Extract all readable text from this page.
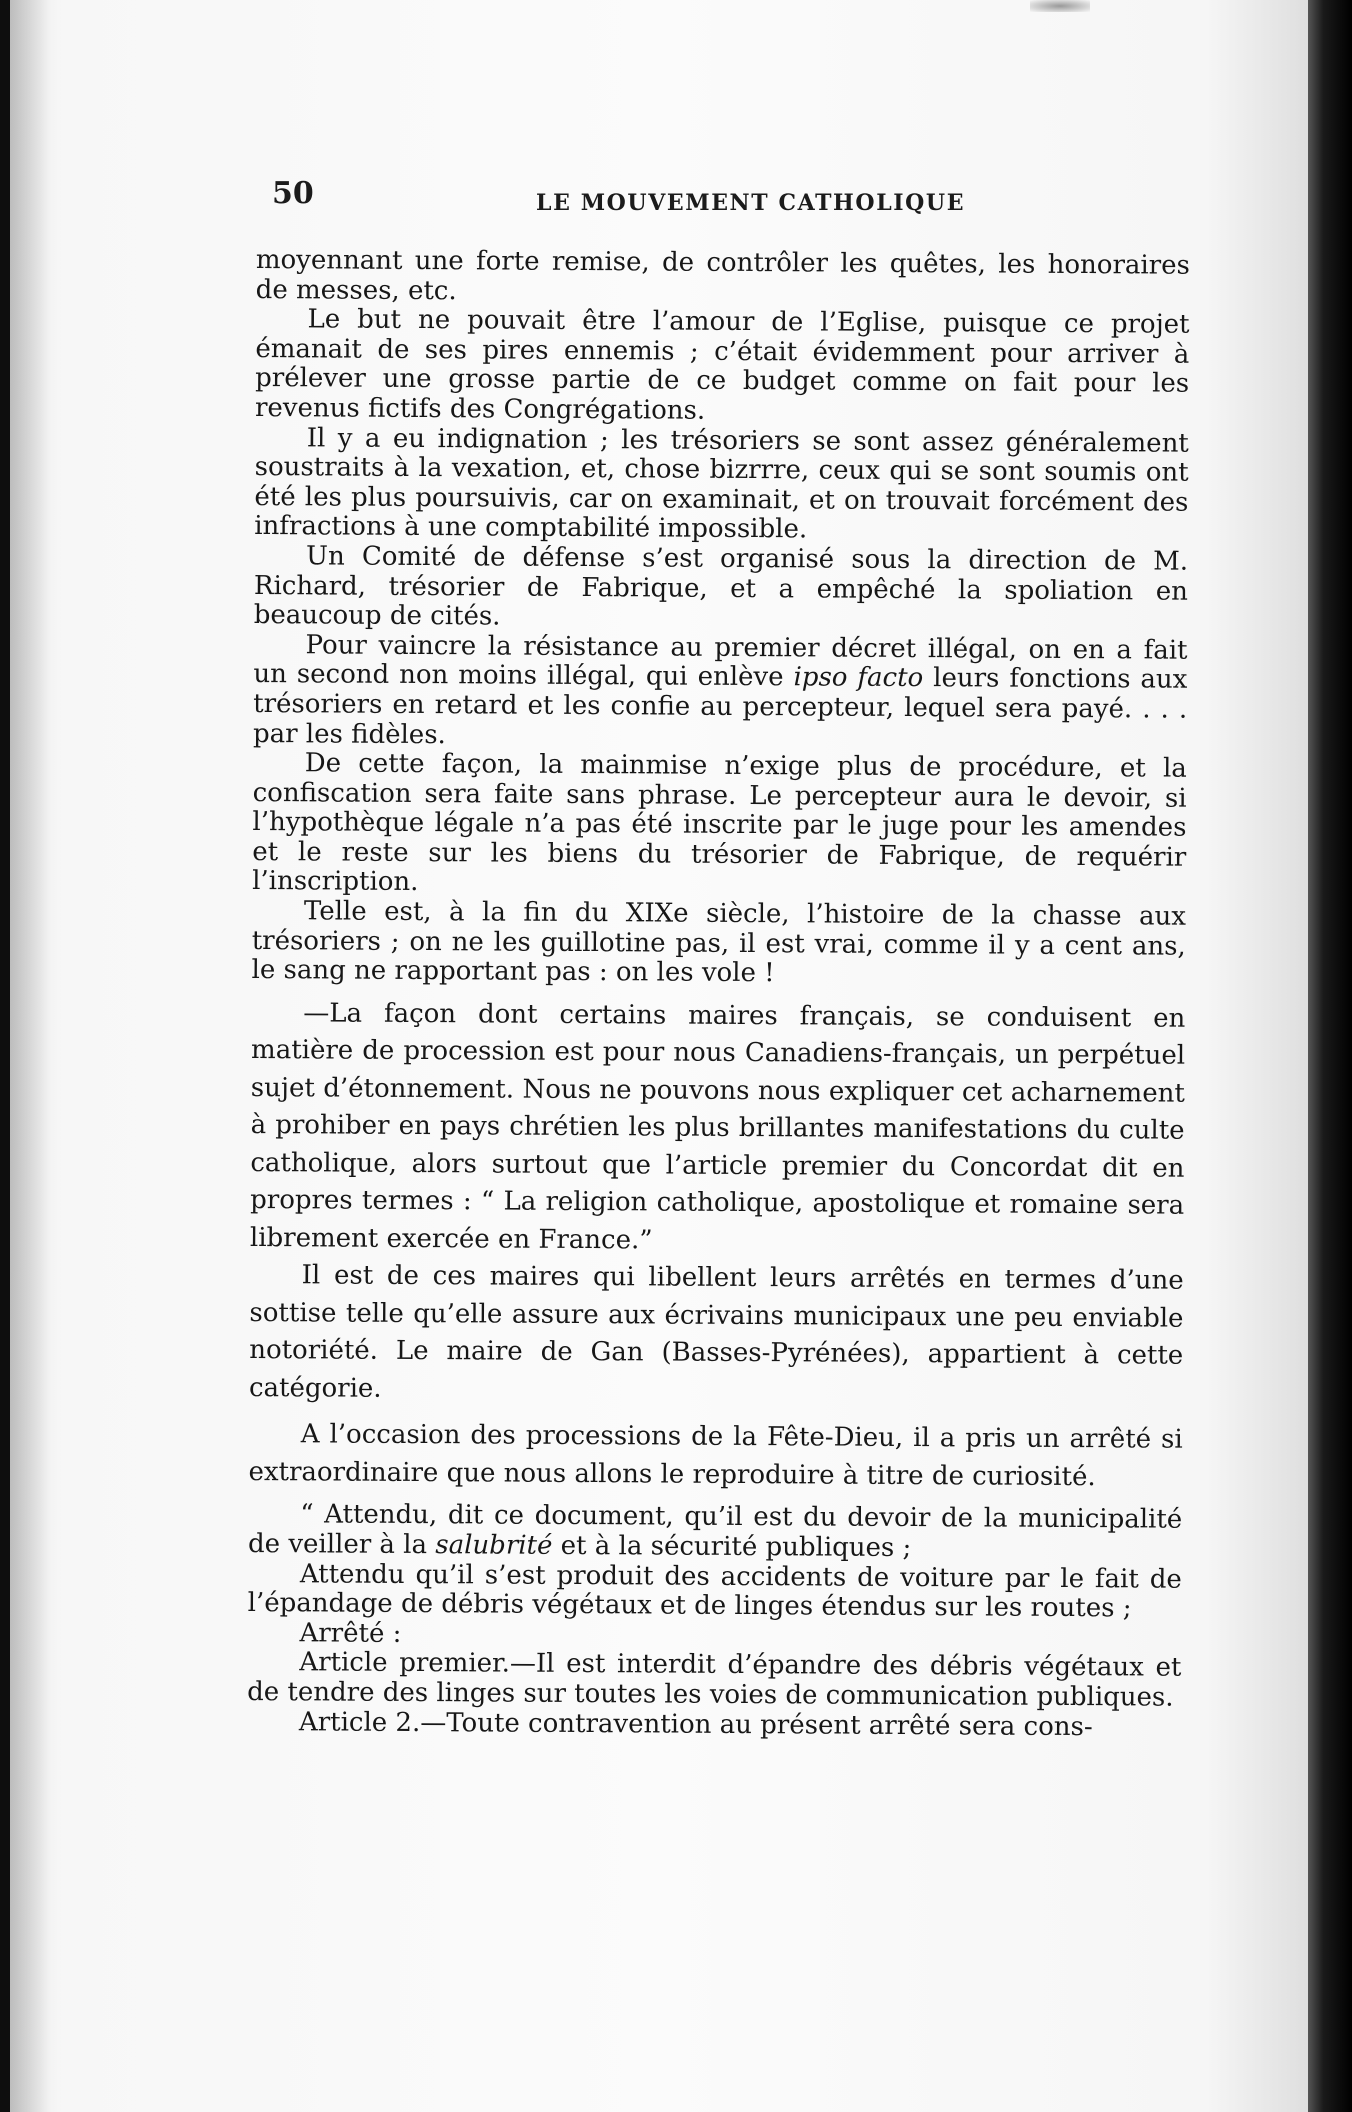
50	LE MOUVEMENT CATHOLIQUE

moyennant une forte remise, de contrôler les quêtes, les honoraires de messes, etc.

Le but ne pouvait être l’amour de l’Eglise, puisque ce projet émanait de ses pires ennemis ; c’était évidemment pour arriver à prélever une grosse partie de ce budget comme on fait pour les revenus fictifs des Congrégations.

Il y a eu indignation ; les trésoriers se sont assez généralement soustraits à la vexation, et, chose bizrrre, ceux qui se sont soumis ont été les plus poursuivis, car on examinait, et on trouvait forcément des infractions à une comptabilité impossible.

Un Comité de défense s’est organisé sous la direction de M. Richard, trésorier de Fabrique, et a empêché la spoliation en beaucoup de cités.

Pour vaincre la résistance au premier décret illégal, on en a fait un second non moins illégal, qui enlève ipso facto leurs fonctions aux trésoriers en retard et les confie au percepteur, lequel sera payé. . . . par les fidèles.

De cette façon, la mainmise n’exige plus de procédure, et la confiscation sera faite sans phrase. Le percepteur aura le devoir, si l’hypothèque légale n’a pas été inscrite par le juge pour les amendes et le reste sur les biens du trésorier de Fabrique, de requérir l’inscription.

Telle est, à la fin du XIXe siècle, l’histoire de la chasse aux trésoriers ; on ne les guillotine pas, il est vrai, comme il y a cent ans, le sang ne rapportant pas : on les vole !

—La façon dont certains maires français, se conduisent en matière de procession est pour nous Canadiens-français, un perpétuel sujet d’étonnement. Nous ne pouvons nous expliquer cet acharnement à prohiber en pays chrétien les plus brillantes manifestations du culte catholique, alors surtout que l’article premier du Concordat dit en propres termes : “ La religion catholique, apostolique et romaine sera librement exercée en France.”

Il est de ces maires qui libellent leurs arrêtés en termes d’une sottise telle qu’elle assure aux écrivains municipaux une peu enviable notoriété. Le maire de Gan (Basses-Pyrénées), appartient à cette catégorie.

A l’occasion des processions de la Fête-Dieu, il a pris un arrêté si extraordinaire que nous allons le reproduire à titre de curiosité.

“ Attendu, dit ce document, qu’il est du devoir de la municipalité de veiller à la salubrité et à la sécurité publiques ;

Attendu qu’il s’est produit des accidents de voiture par le fait de l’épandage de débris végétaux et de linges étendus sur les routes ;

Arrêté :

Article premier.—Il est interdit d’épandre des débris végétaux et de tendre des linges sur toutes les voies de communication publiques.

Article 2.—Toute contravention au présent arrêté sera cons-
